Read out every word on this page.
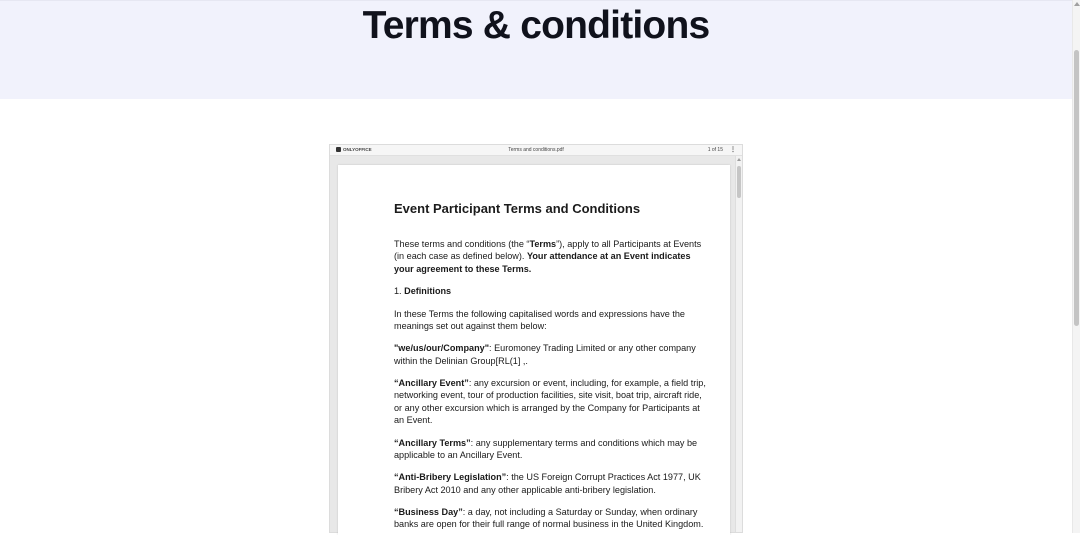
Terms & conditions
ONLYOFFICE	Terms and conditions.pdf	1 of 15 ⋮
Event Participant Terms and Conditions

These terms and conditions (the “Terms”), apply to all Participants at Events (in each case as defined below). Your attendance at an Event indicates your agreement to these Terms.

1. Definitions

In these Terms the following capitalised words and expressions have the meanings set out against them below:

"we/us/our/Company": Euromoney Trading Limited or any other company within the Delinian Group[RL(1] ,.

“Ancillary Event”: any excursion or event, including, for example, a field trip, networking event, tour of production facilities, site visit, boat trip, aircraft ride, or any other excursion which is arranged by the Company for Participants at an Event.

“Ancillary Terms”: any supplementary terms and conditions which may be applicable to an Ancillary Event.

“Anti-Bribery Legislation”: the US Foreign Corrupt Practices Act 1977, UK Bribery Act 2010 and any other applicable anti-bribery legislation.

“Business Day”: a day, not including a Saturday or Sunday, when ordinary banks are open for their full range of normal business in the United Kingdom.
